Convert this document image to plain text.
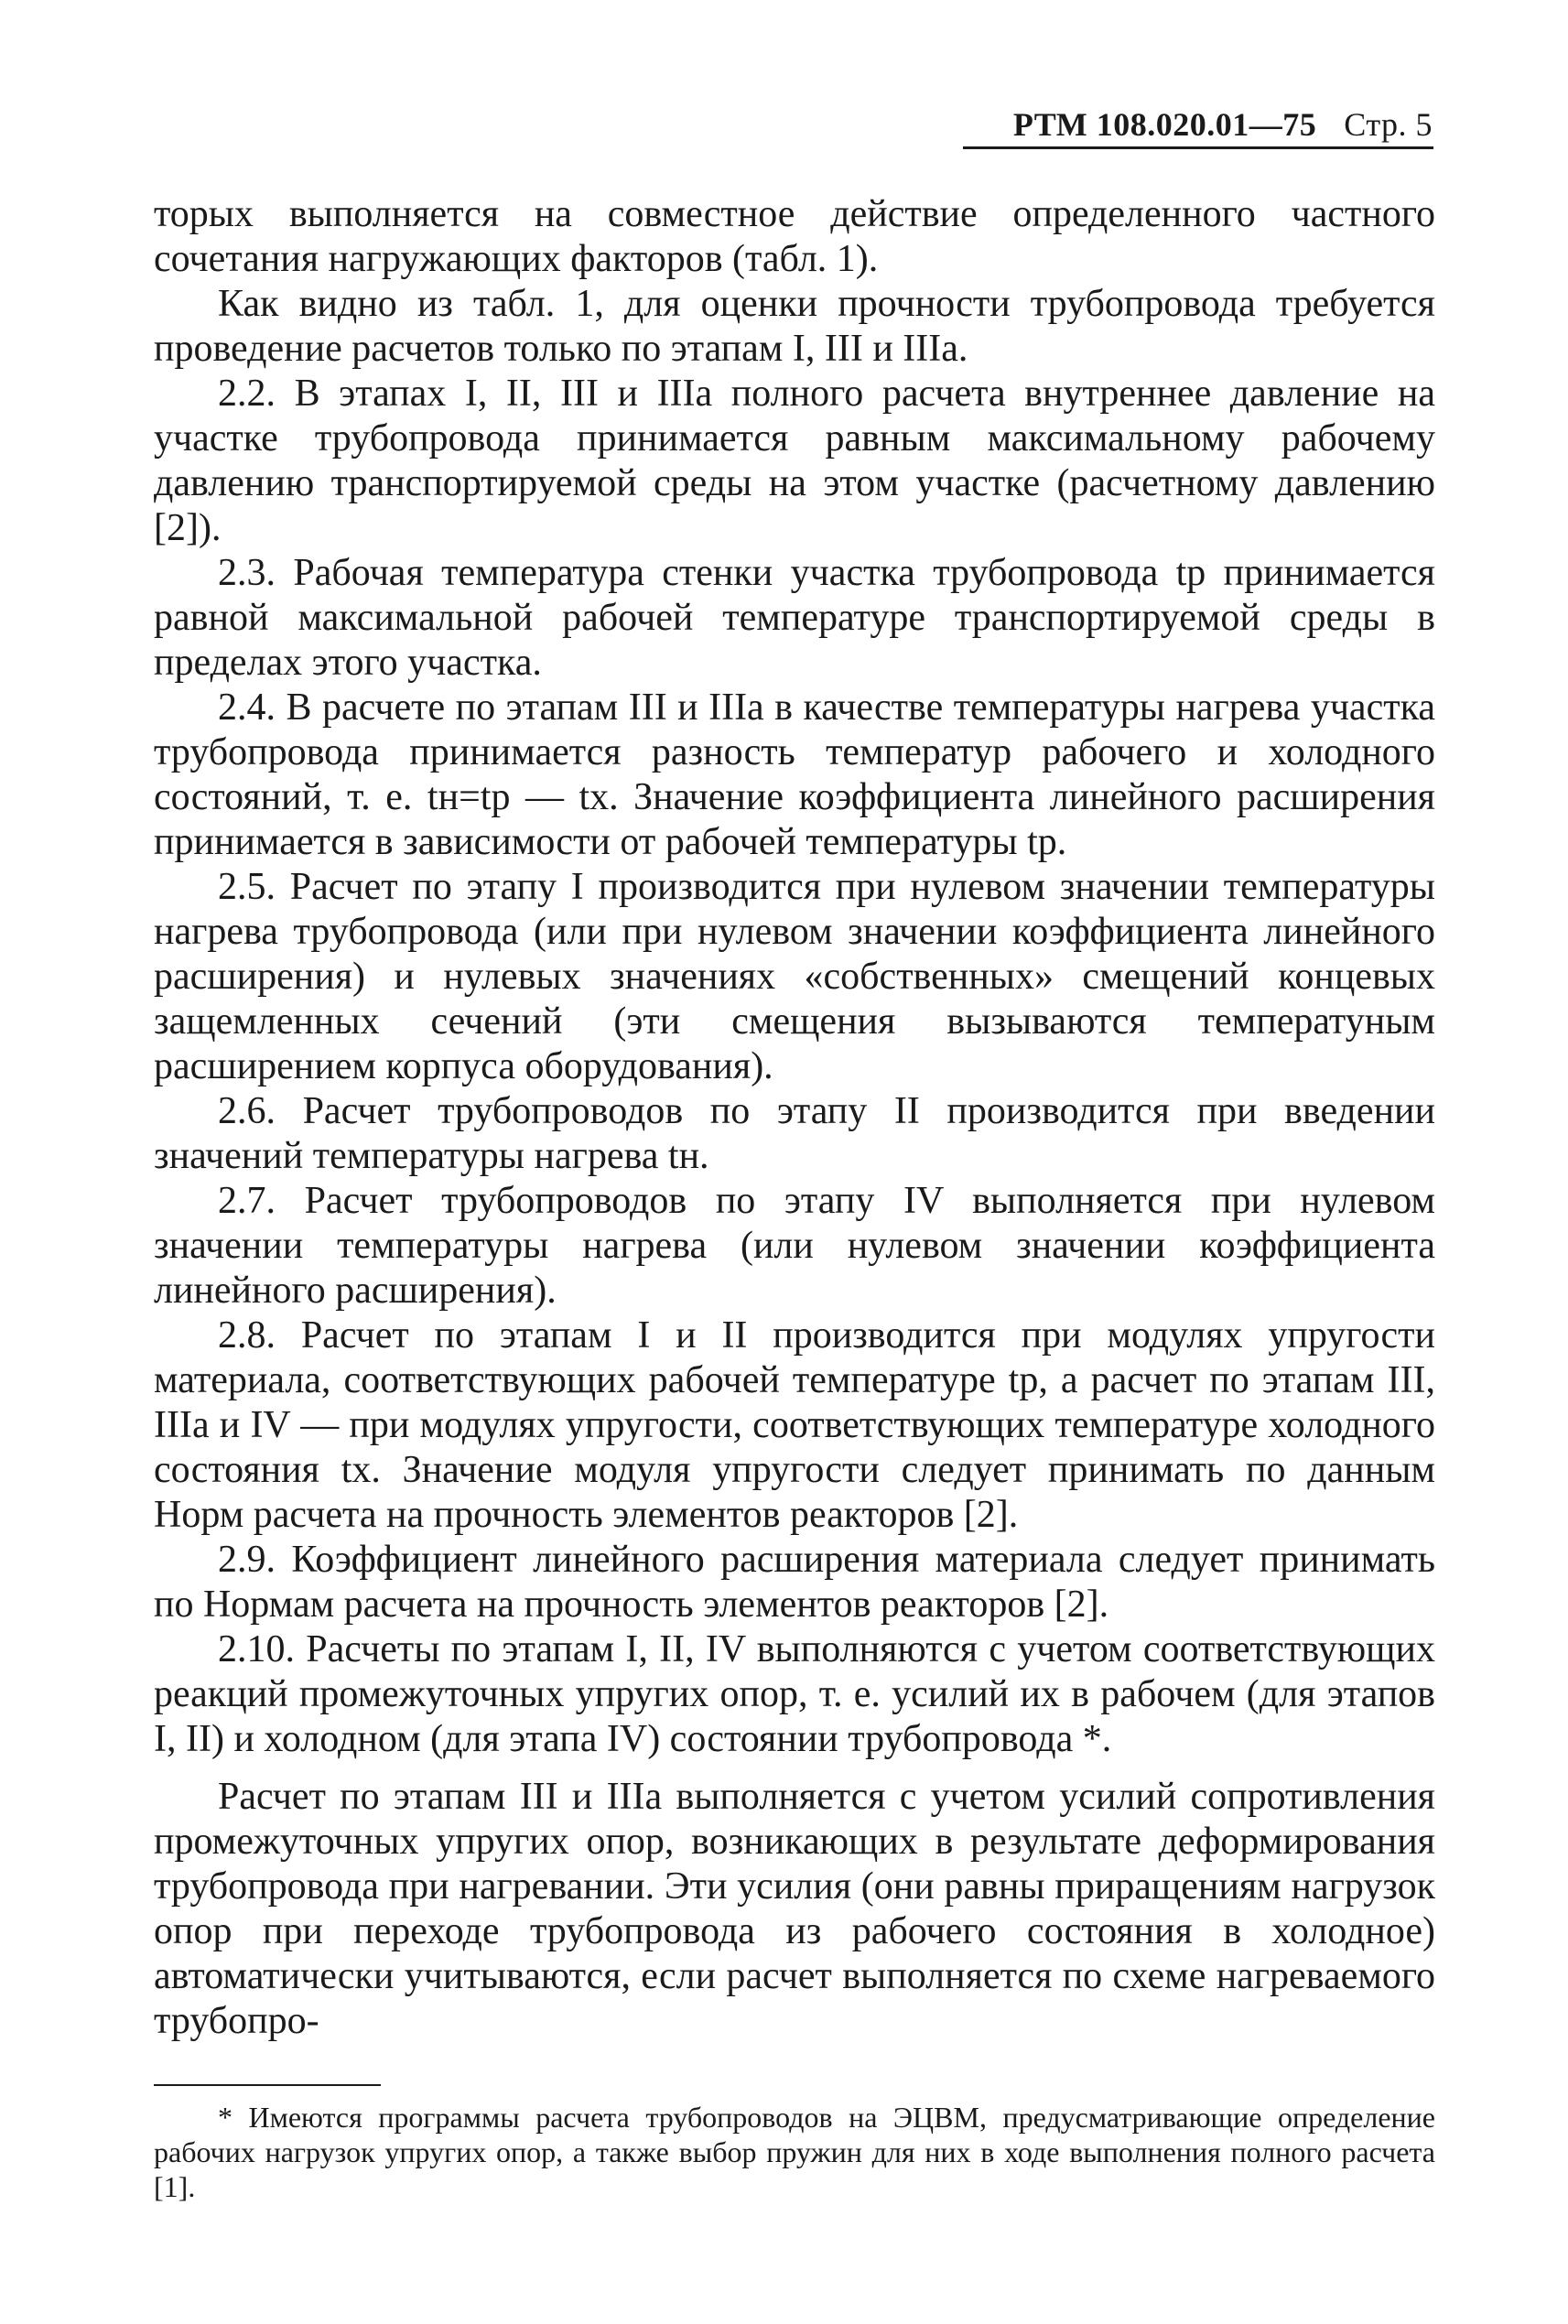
РТМ 108.020.01—75 Стр. 5

торых выполняется на совместное действие определенного частного сочетания нагружающих факторов (табл. 1).

Как видно из табл. 1, для оценки прочности трубопровода требуется проведение расчетов только по этапам I, III и IIIa.

2.2. В этапах I, II, III и IIIa полного расчета внутреннее давление на участке трубопровода принимается равным максимальному рабочему давлению транспортируемой среды на этом участке (расчетному давлению [2]).

2.3. Рабочая температура стенки участка трубопровода tр принимается равной максимальной рабочей температуре транспортируемой среды в пределах этого участка.

2.4. В расчете по этапам III и IIIa в качестве температуры нагрева участка трубопровода принимается разность температур рабочего и холодного состояний, т. е. tн=tр — tх. Значение коэффициента линейного расширения принимается в зависимости от рабочей температуры tр.

2.5. Расчет по этапу I производится при нулевом значении температуры нагрева трубопровода (или при нулевом значении коэффициента линейного расширения) и нулевых значениях «собственных» смещений концевых защемленных сечений (эти смещения вызываются температуным расширением корпуса оборудования).

2.6. Расчет трубопроводов по этапу II производится при введении значений температуры нагрева tн.

2.7. Расчет трубопроводов по этапу IV выполняется при нулевом значении температуры нагрева (или нулевом значении коэффициента линейного расширения).

2.8. Расчет по этапам I и II производится при модулях упругости материала, соответствующих рабочей температуре tр, а расчет по этапам III, IIIa и IV — при модулях упругости, соответствующих температуре холодного состояния tх. Значение модуля упругости следует принимать по данным Норм расчета на прочность элементов реакторов [2].

2.9. Коэффициент линейного расширения материала следует принимать по Нормам расчета на прочность элементов реакторов [2].

2.10. Расчеты по этапам I, II, IV выполняются с учетом соответствующих реакций промежуточных упругих опор, т. е. усилий их в рабочем (для этапов I, II) и холодном (для этапа IV) состоянии трубопровода *.

Расчет по этапам III и IIIa выполняется с учетом усилий сопротивления промежуточных упругих опор, возникающих в результате деформирования трубопровода при нагревании. Эти усилия (они равны приращениям нагрузок опор при переходе трубопровода из рабочего состояния в холодное) автоматически учитываются, если расчет выполняется по схеме нагреваемого трубопро-

* Имеются программы расчета трубопроводов на ЭЦВМ, предусматривающие определение рабочих нагрузок упругих опор, а также выбор пружин для них в ходе выполнения полного расчета [1].
